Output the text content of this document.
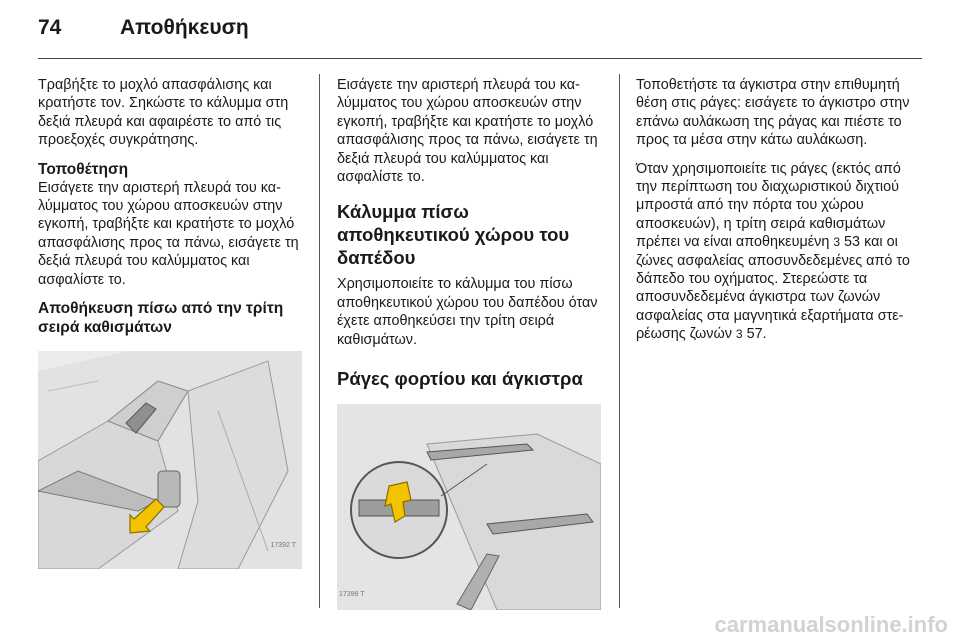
74	Αποθήκευση

Τραβήξτε το μοχλό απασφάλισης και κρατήστε τον. Σηκώστε το κάλυμμα στη δεξιά πλευρά και αφαιρέστε το από τις προεξοχές συγκράτησης.

Τοποθέτηση

Εισάγετε την αριστερή πλευρά του καλύμματος του χώρου αποσκευών στην εγκοπή, τραβήξτε και κρατήστε το μοχλό απασφάλισης προς τα πάνω, εισάγετε τη δεξιά πλευρά του καλύμματος και ασφαλίστε το.

Αποθήκευση πίσω από την τρίτη σειρά καθισμάτων
17392 T

Εισάγετε την αριστερή πλευρά του καλύμματος του χώρου αποσκευών στην εγκοπή, τραβήξτε και κρατήστε το μοχλό απασφάλισης προς τα πάνω, εισάγετε τη δεξιά πλευρά του καλύμματος και ασφαλίστε το.

Κάλυμμα πίσω αποθηκευτικού χώρου του δαπέδου

Χρησιμοποιείτε το κάλυμμα του πίσω αποθηκευτικού χώρου του δαπέδου όταν έχετε αποθηκεύσει την τρίτη σειρά καθισμάτων.

Ράγες φορτίου και άγκιστρα
17398 T

Τοποθετήστε τα άγκιστρα στην επιθυμητή θέση στις ράγες: εισάγετε το άγκιστρο στην επάνω αυλάκωση της ράγας και πιέστε το προς τα μέσα στην κάτω αυλάκωση.

Όταν χρησιμοποιείτε τις ράγες (εκτός από την περίπτωση του διαχωριστικού διχτιού μπροστά από την πόρτα του χώρου αποσκευών), η τρίτη σειρά καθισμάτων πρέπει να είναι αποθηκευμένη 3 53 και οι ζώνες ασφαλείας αποσυνδεδεμένες από το δάπεδο του οχήματος. Στερεώστε τα αποσυνδεδεμένα άγκιστρα των ζωνών ασφαλείας στα μαγνητικά εξαρτήματα στερέωσης ζωνών 3 57.

carmanualsonline.info
